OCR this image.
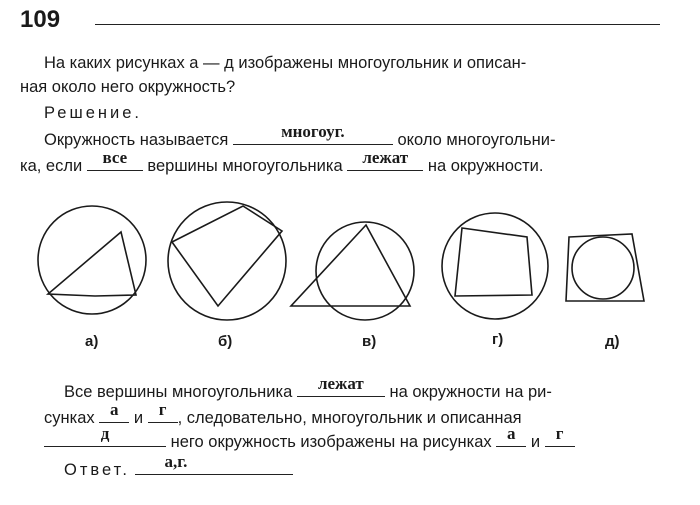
109
На каких рисунках а — д изображены многоугольник и описан-
ная около него окружность?
Решение.
Окружность называется	многоуг.	около многоугольни-
ка, если	все	вершины многоугольника	лежат	на окружности.
а)	б)	в)	г)	д)
Все вершины многоугольника	лежат	на окружности на ри-
сунках а и г , следовательно, многоугольник и описанная
д	него окружность изображены на рисунках а и г
Ответ. а,г.
